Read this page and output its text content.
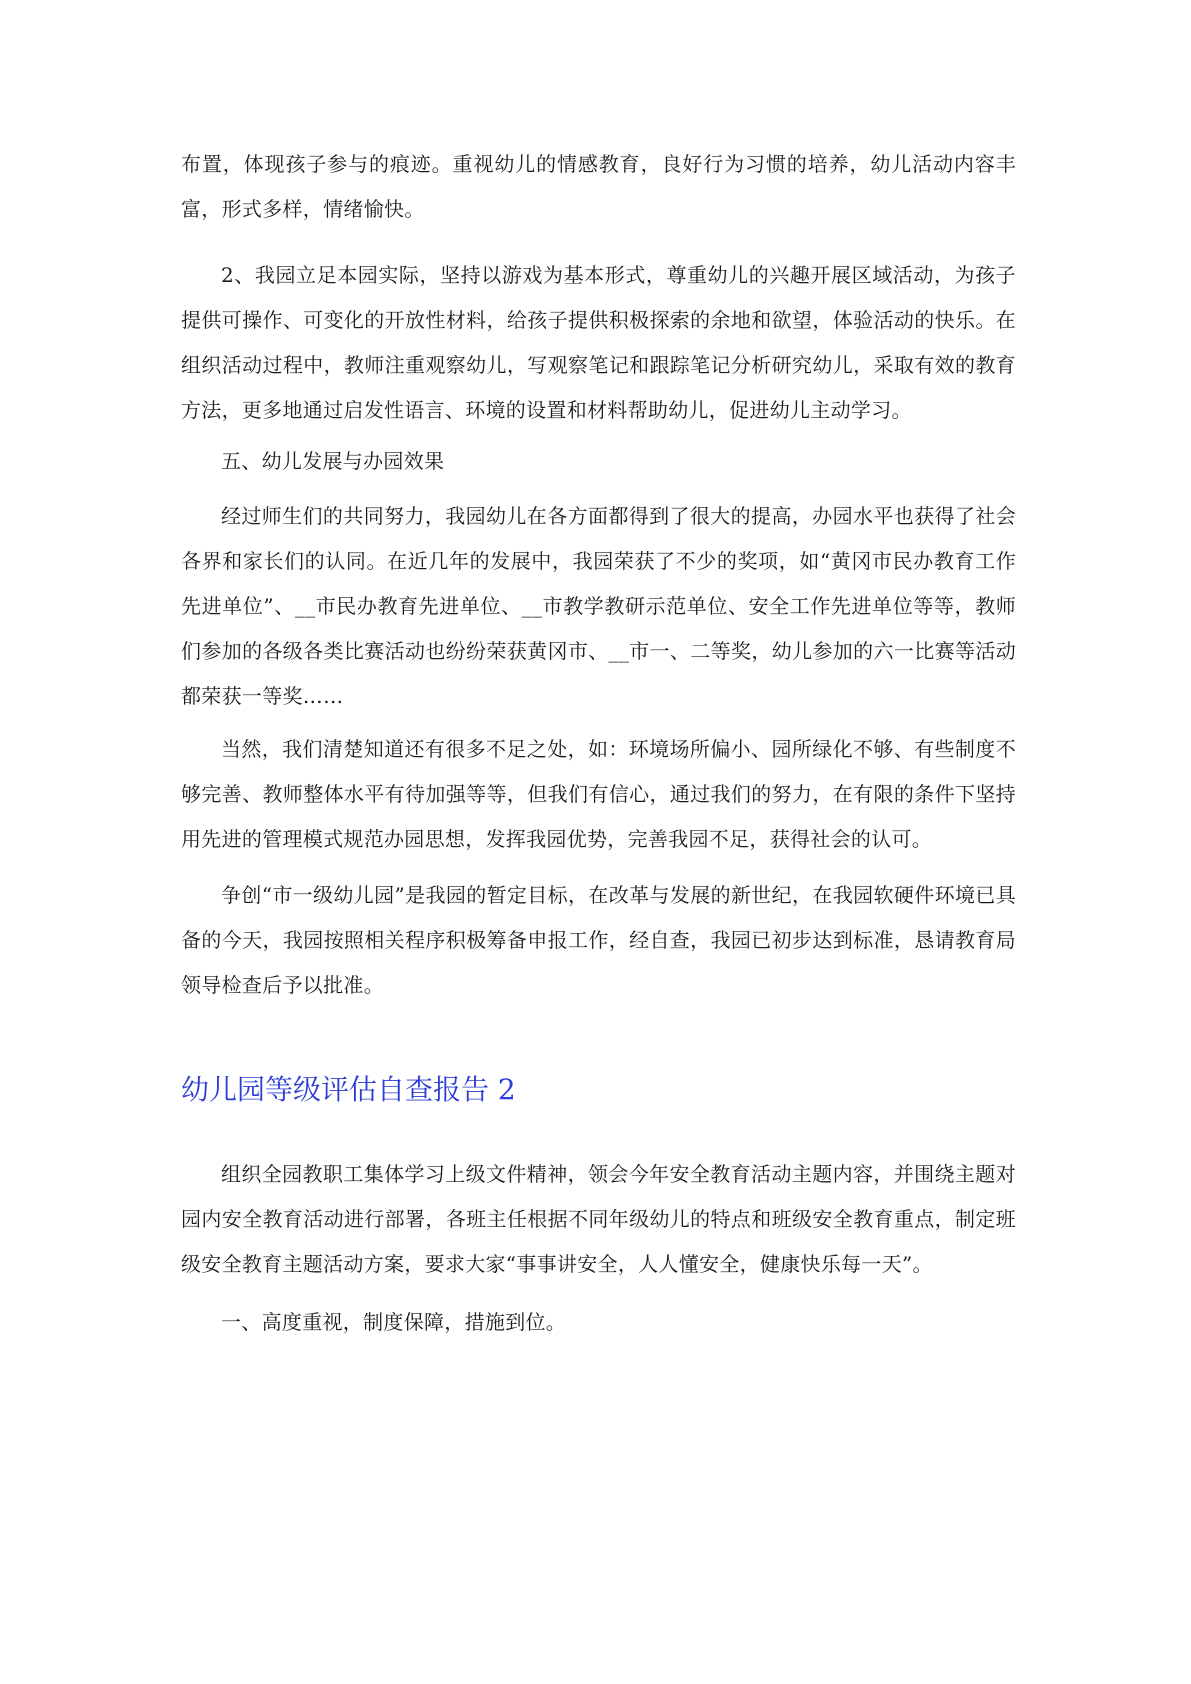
布置，体现孩子参与的痕迹。重视幼儿的情感教育，良好行为习惯的培养，幼儿活动内容丰富，形式多样，情绪愉快。

2、我园立足本园实际，坚持以游戏为基本形式，尊重幼儿的兴趣开展区域活动，为孩子提供可操作、可变化的开放性材料，给孩子提供积极探索的余地和欲望，体验活动的快乐。在组织活动过程中，教师注重观察幼儿，写观察笔记和跟踪笔记分析研究幼儿，采取有效的教育方法，更多地通过启发性语言、环境的设置和材料帮助幼儿，促进幼儿主动学习。

五、幼儿发展与办园效果

经过师生们的共同努力，我园幼儿在各方面都得到了很大的提高，办园水平也获得了社会各界和家长们的认同。在近几年的发展中，我园荣获了不少的奖项，如“黄冈市民办教育工作先进单位”、__市民办教育先进单位、__市教学教研示范单位、安全工作先进单位等等，教师们参加的各级各类比赛活动也纷纷荣获黄冈市、__市一、二等奖，幼儿参加的六一比赛等活动都荣获一等奖……

当然，我们清楚知道还有很多不足之处，如：环境场所偏小、园所绿化不够、有些制度不够完善、教师整体水平有待加强等等，但我们有信心，通过我们的努力，在有限的条件下坚持用先进的管理模式规范办园思想，发挥我园优势，完善我园不足，获得社会的认可。

争创“市一级幼儿园”是我园的暂定目标，在改革与发展的新世纪，在我园软硬件环境已具备的今天，我园按照相关程序积极筹备申报工作，经自查，我园已初步达到标准，恳请教育局领导检查后予以批准。

幼儿园等级评估自查报告 2

组织全园教职工集体学习上级文件精神，领会今年安全教育活动主题内容，并围绕主题对园内安全教育活动进行部署，各班主任根据不同年级幼儿的特点和班级安全教育重点，制定班级安全教育主题活动方案，要求大家“事事讲安全，人人懂安全，健康快乐每一天”。

一、高度重视，制度保障，措施到位。
